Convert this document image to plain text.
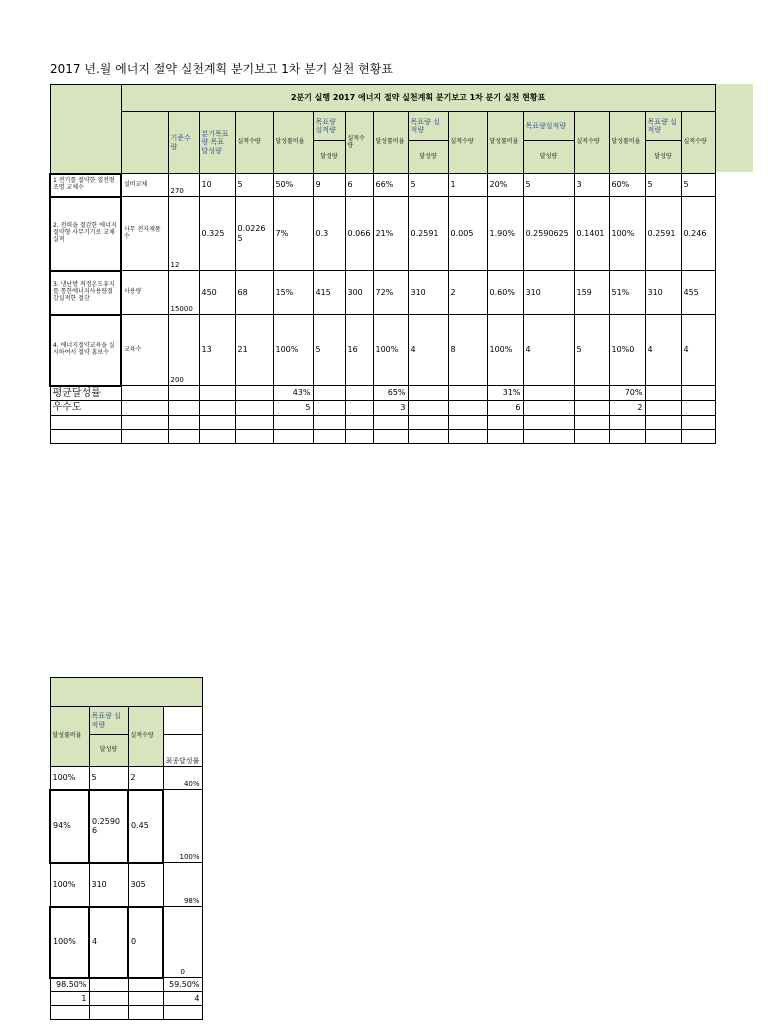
2017 년.월 에너지 절약 실천계획 분기보고 1차 분기 실천 현황표
	2분기 실행 2017 에너지 절약 실천계획 분기보고 1차 분기 실천 현황표															
		기준수량	분기목표량 목표 달성량	실적수량	달성률비율	목표량 실적량	실적수량	달성률비율	목표량 실적량	실적수량	달성률비율	목표량실적량	실적수량	달성률비율	목표량 실적량	실적수량
						달성량			달성량			달성량			달성량	

1 전기를 절약한 절전형조명 교체수	설비교체	270	10	5	50%	9	6	66%	5	1	20%	5	3	60%	5	5
2. 전력을 절감한 에너지절약형 사무기기로 교체실적	사무 전자제품수	12	0.325	0.02265	7%	0.3	0.066	21%	0.2591	0.005	1.90%	0.2590625	0.1401	100%	0.2591	0.246
3. 냉난방 적정온도유지를 통한에너지사용량절감실적한 절감	사용량	15000	450	68	15%	415	300	72%	310	2	0.60%	310	159	51%	310	455
4. 에너지절약교육을 실시하여서 절약 홍보수	교육수	200	13	21	100%	5	16	100%	4	8	100%	4	5	10%0	4	4
평균달성률					43%			65%			31%			70%		
우수도					5			3			6			2		

달성률비율	목표량 실적량	실적수량	
	달성량		최종달성률
100%	5	2	40%
94%	0.25906	0.45	100%
100%	310	305	98%
100%	4	0	0
98.50%			59.50%
1			4
